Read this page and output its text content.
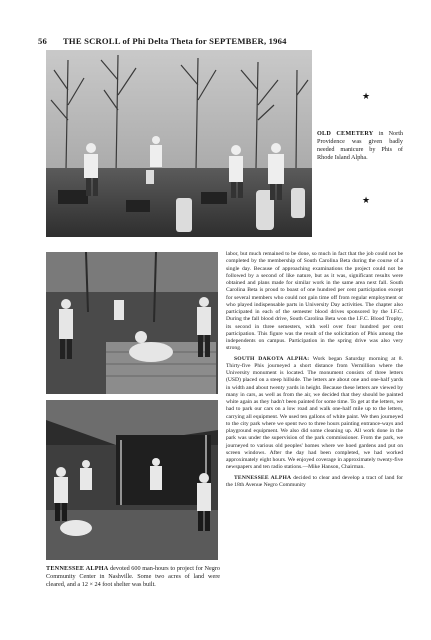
56 THE SCROLL of Phi Delta Theta for SEPTEMBER, 1964
★
OLD CEMETERY in North Providence was given badly needed manicure by Phis of Rhode Island Alpha.
★
TENNESSEE ALPHA devoted 600 man-hours to project for Negro Community Center in Nashville. Some two acres of land were cleared, and a 12 × 24 foot shelter was built.

labor, but much remained to be done, so much in fact that the job could not be completed by the membership of South Carolina Beta during the course of a single day. Because of approaching examinations the project could not be followed by a second of like nature, but as it was, significant results were obtained and plans made for similar work in the same area next fall. South Carolina Beta is proud to boast of one hundred per cent participation except for several members who could not gain time off from regular employment or who played indispensable parts in University Day activities. The chapter also participated in each of the semester blood drives sponsored by the I.F.C. During the fall blood drive, South Carolina Beta won the I.F.C. Blood Trophy, its second in three semesters, with well over four hundred per cent participation. This figure was the result of the solicitation of Phis among the independents on campus. Participation in the spring drive was also very strong.

SOUTH DAKOTA ALPHA: Work began Saturday morning at 8. Thirty-five Phis journeyed a short distance from Vermillion where the University monument is located. The monument consists of three letters (USD) placed on a steep hillside. The letters are about one and one-half yards in width and about twenty yards in height. Because these letters are viewed by many in cars, as well as from the air, we decided that they should be painted white again as they hadn't been painted for some time. To get at the letters, we had to park our cars on a low road and walk one-half mile up to the letters, carrying all equipment. We used ten gallons of white paint. We then journeyed to the city park where we spent two to three hours painting entrance-ways and playground equipment. We also did some cleaning up. All work done in the park was under the supervision of the park commissioner. From the park, we journeyed to various old peoples' homes where we hoed gardens and put on screen windows. After the day had been completed, we had worked approximately eight hours. We enjoyed coverage in approximately twenty-five newspapers and ten radio stations.—Mike Hanson, Chairman.

TENNESSEE ALPHA decided to clear and develop a tract of land for the 18th Avenue Negro Community
